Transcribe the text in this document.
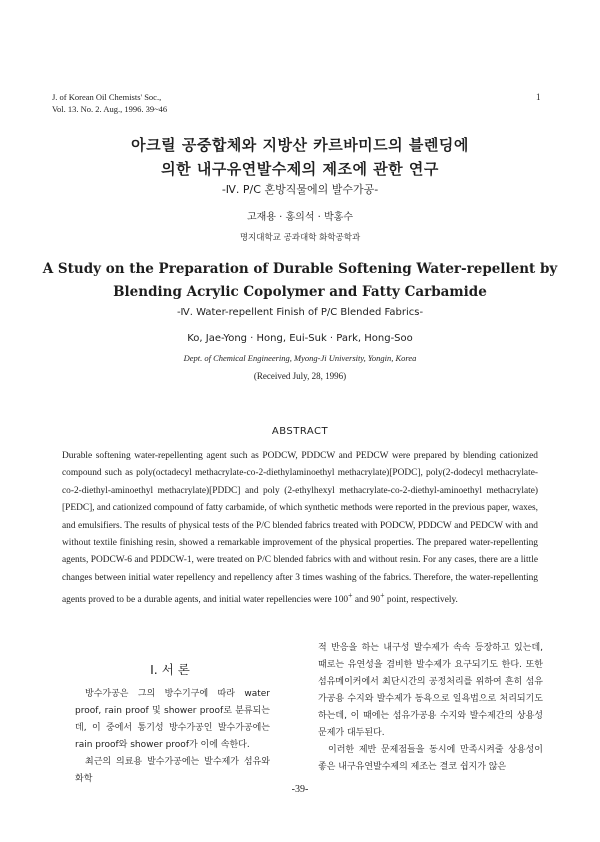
J. of Korean Oil Chemists' Soc.,
Vol. 13. No. 2. Aug., 1996. 39~46
1
아크릴 공중합체와 지방산 카르바미드의 블렌딩에
의한 내구유연발수제의 제조에 관한 연구
-Ⅳ. P/C 혼방직물에의 발수가공-
고재용 · 홍의석 · 박홍수
명지대학교 공과대학 화학공학과
A Study on the Preparation of Durable Softening Water-repellent by
Blending Acrylic Copolymer and Fatty Carbamide
-Ⅳ. Water-repellent Finish of P/C Blended Fabrics-
Ko, Jae-Yong · Hong, Eui-Suk · Park, Hong-Soo
Dept. of Chemical Engineering, Myong-Ji University, Yongin, Korea
(Received July, 28, 1996)
ABSTRACT

Durable softening water-repellenting agent such as PODCW, PDDCW and PEDCW were prepared by blending cationized compound such as poly(octadecyl methacrylate-co-2-diethylaminoethyl methacrylate)[PODC], poly(2-dodecyl methacrylate-co-2-diethyl-aminoethyl methacrylate)[PDDC] and poly (2-ethylhexyl methacrylate-co-2-diethyl-aminoethyl methacrylate)[PEDC], and cationized compound of fatty carbamide, of which synthetic methods were reported in the previous paper, waxes, and emulsifiers. The results of physical tests of the P/C blended fabrics treated with PODCW, PDDCW and PEDCW with and without textile finishing resin, showed a remarkable improvement of the physical properties. The prepared water-repellenting agents, PODCW-6 and PDDCW-1, were treated on P/C blended fabrics with and without resin. For any cases, there are a little changes between initial water repellency and repellency after 3 times washing of the fabrics. Therefore, the water-repellenting agents proved to be a durable agents, and initial water repellencies were 100+ and 90+ point, respectively.

Ⅰ. 서 론

방수가공은 그의 방수기구에 따라 water proof, rain proof 및 shower proof로 분류되는데, 이 중에서 통기성 방수가공인 발수가공에는 rain proof와 shower proof가 이에 속한다.

최근의 의료용 발수가공에는 발수제가 섬유와 화학

적 반응을 하는 내구성 발수제가 속속 등장하고 있는데, 때로는 유연성을 겸비한 발수제가 요구되기도 한다. 또한 섬유메이커에서 최단시간의 공정처리를 위하여 흔히 섬유가공용 수지와 발수제가 동욕으로 일욕법으로 처리되기도 하는데, 이 때에는 섬유가공용 수지와 발수제간의 상용성 문제가 대두된다.

이러한 제반 문제점들을 동시에 만족시켜줄 상용성이 좋은 내구유연발수제의 제조는 결코 쉽지가 않은

-39-
